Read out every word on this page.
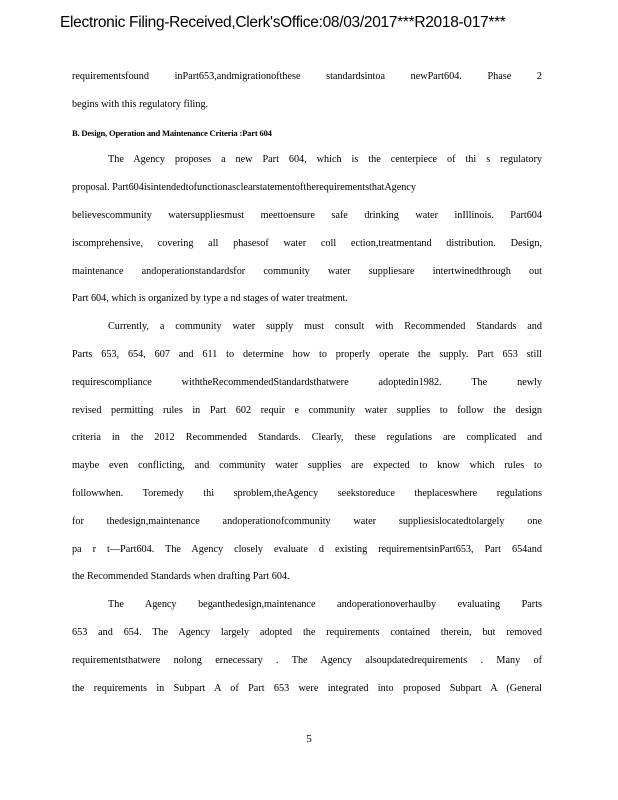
Electronic Filing-Received,Clerk'sOffice:08/03/2017***R2018-017***
requirementsfound inPart653,andmigrationofthese standardsintoa newPart604. Phase 2
begins with this regulatory filing.
B. Design, Operation and Maintenance Criteria :Part 604
The Agency proposes a new Part 604, which is the centerpiece of thi s regulatory
proposal. Part604isintendedtofunctionasclearstatementoftherequirementsthatAgency
believescommunity watersuppliesmust meettoensure safe drinking water inIllinois. Part604
iscomprehensive, covering all phasesof water coll ection,treatmentand distribution. Design,
maintenance andoperationstandardsfor community water suppliesare intertwinedthrough out
Part 604, which is organized by type a nd stages of water treatment.
Currently, a community water supply must consult with Recommended Standards and
Parts 653, 654, 607 and 611 to determine how to properly operate the supply. Part 653 still
requirescompliance withtheRecommendedStandardsthatwere adoptedin1982. The newly
revised permitting rules in Part 602 requir e community water supplies to follow the design
criteria in the 2012 Recommended Standards. Clearly, these regulations are complicated and
maybe even conflicting, and community water supplies are expected to know which rules to
followwhen. Toremedy thi sproblem,theAgency seekstoreduce theplaceswhere regulations
for thedesign,maintenance andoperationofcommunity water suppliesislocatedtolargely one
pa r t—Part604. The Agency closely evaluate d existing requirementsinPart653, Part 654and
the Recommended Standards when drafting Part 604.
The Agency beganthedesign,maintenance andoperationoverhaulby evaluating Parts
653 and 654. The Agency largely adopted the requirements contained therein, but removed
requirementsthatwere nolong ernecessary . The Agency alsoupdatedrequirements . Many of
the requirements in Subpart A of Part 653 were integrated into proposed Subpart A (General
5
